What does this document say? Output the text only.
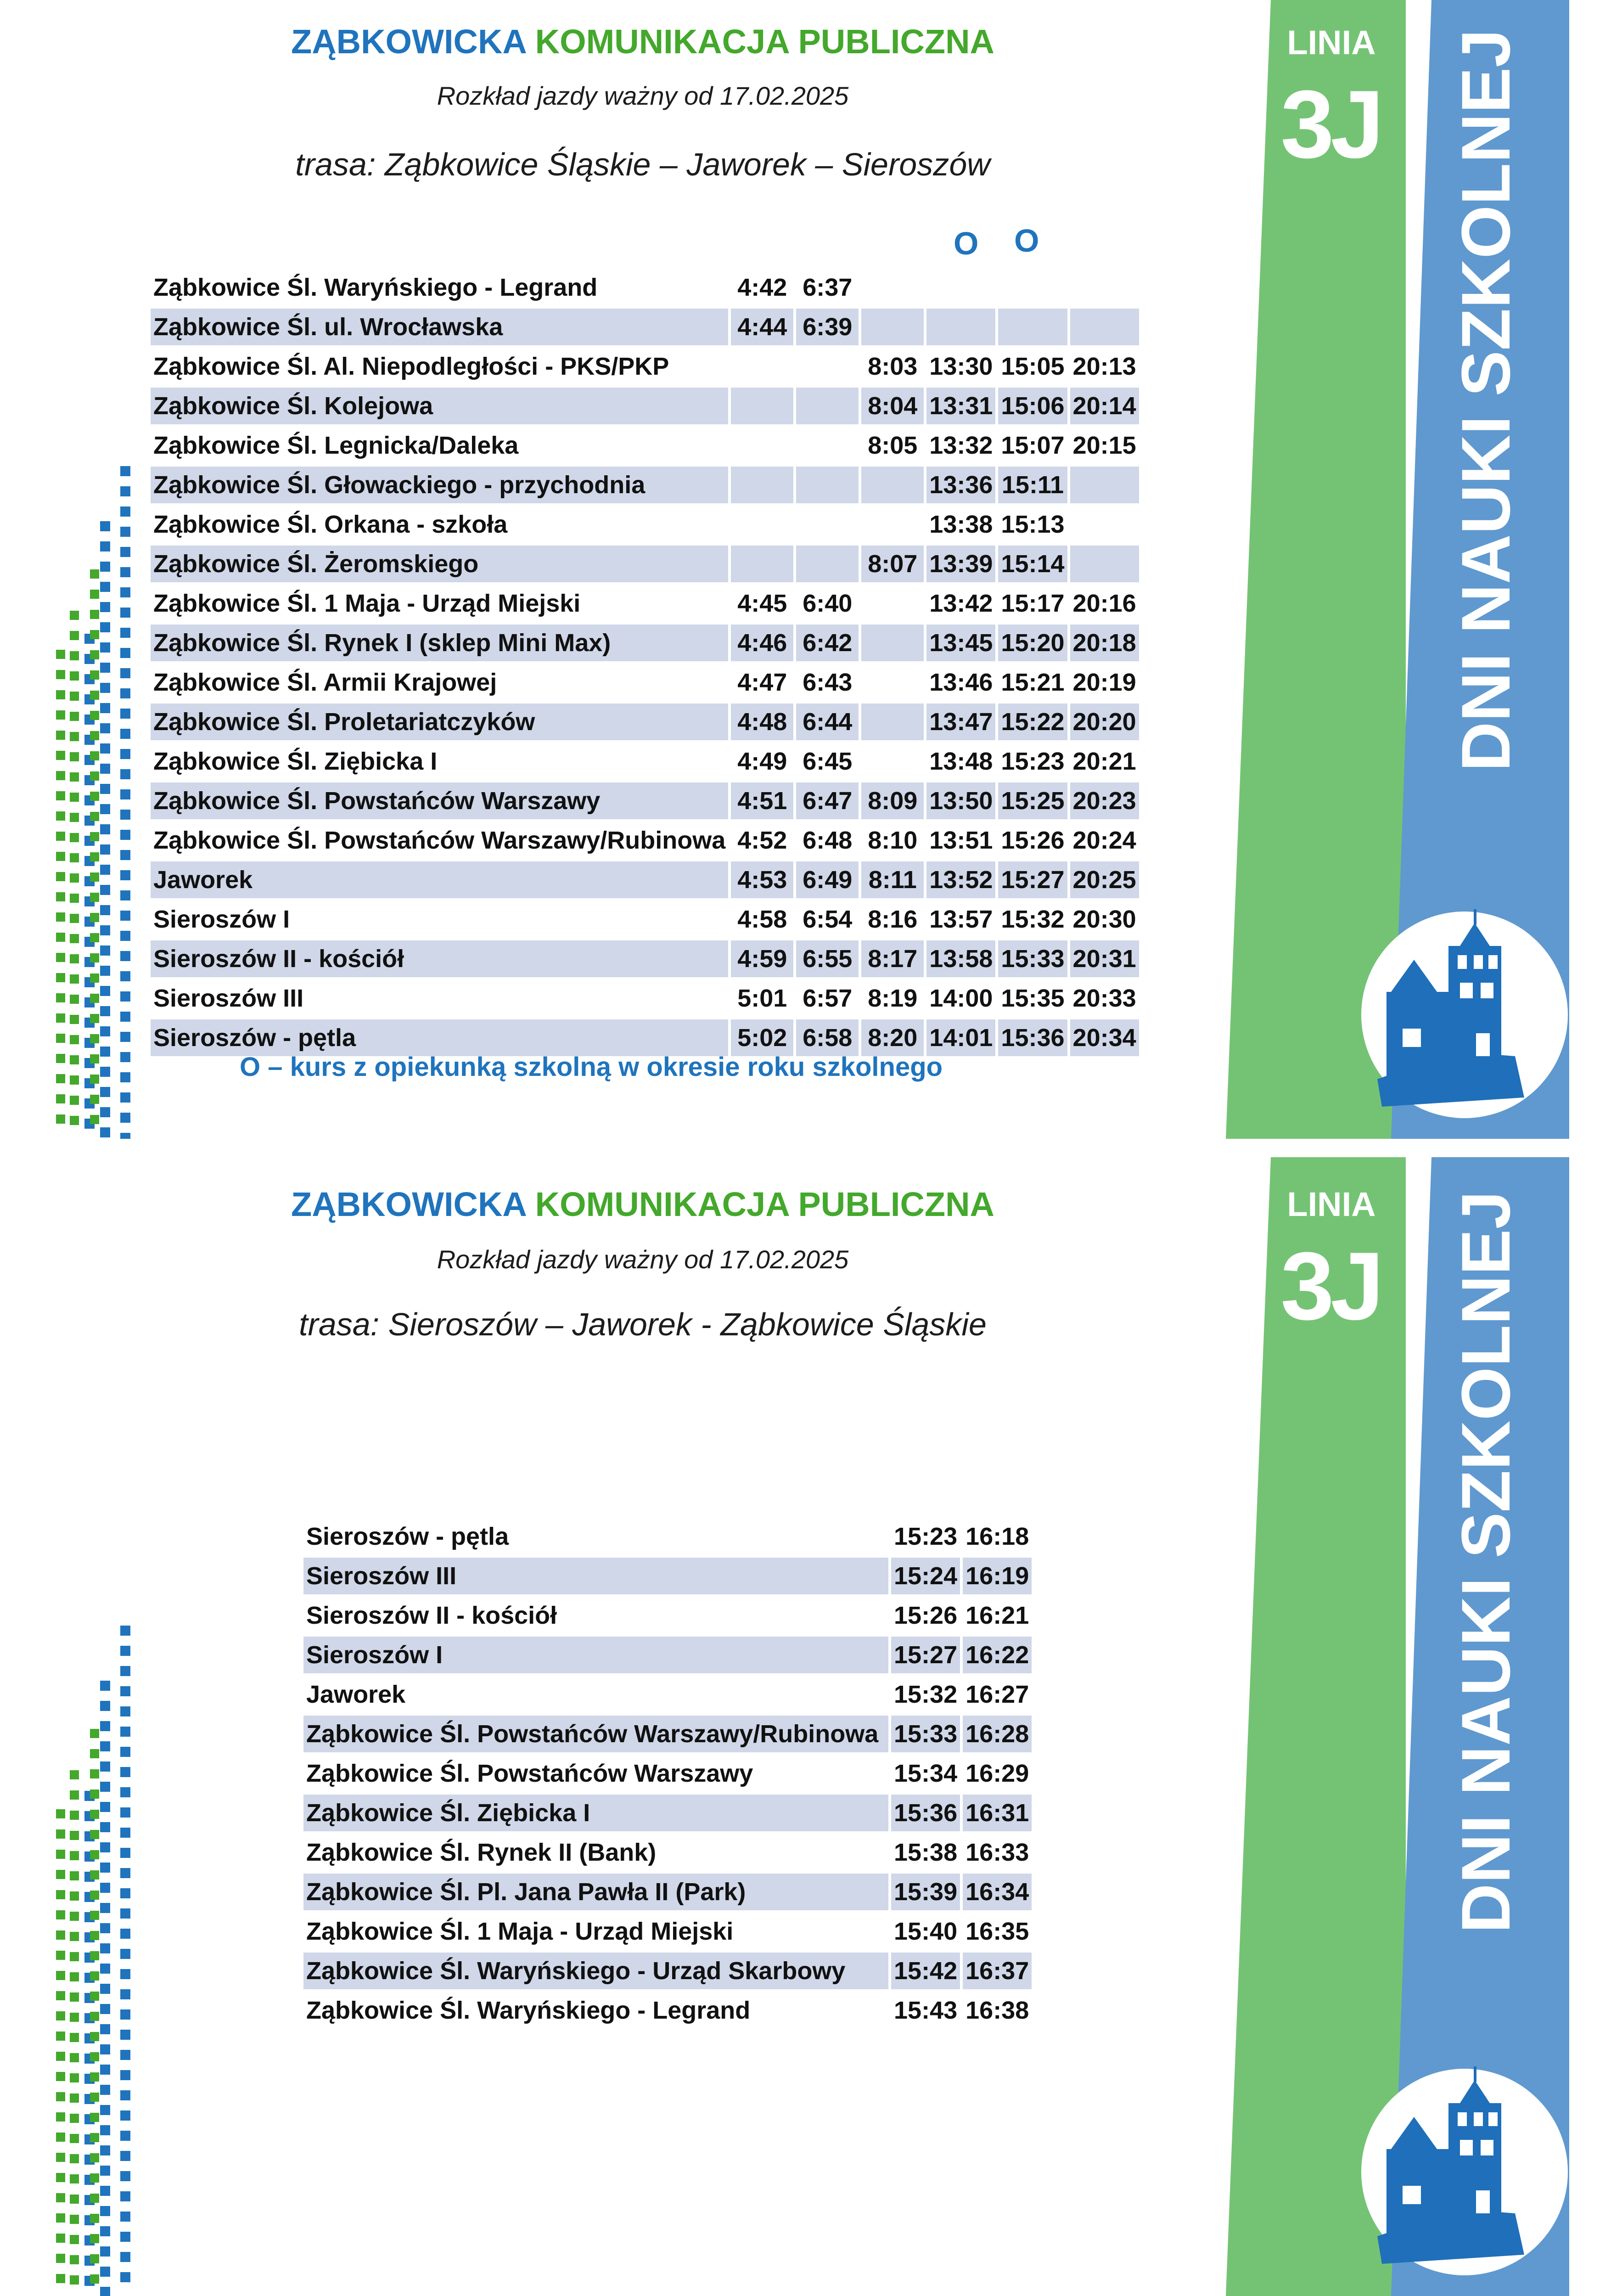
ZĄBKOWICKA KOMUNIKACJA PUBLICZNA
Rozkład jazdy ważny od 17.02.2025
trasa: Ząbkowice Śląskie – Jaworek – Sieroszów
O O
Ząbkowice Śl. Waryńskiego - Legrand	4:42	6:37				
Ząbkowice Śl. ul. Wrocławska	4:44	6:39				
Ząbkowice Śl. Al. Niepodległości - PKS/PKP			8:03	13:30	15:05	20:13
Ząbkowice Śl. Kolejowa			8:04	13:31	15:06	20:14
Ząbkowice Śl. Legnicka/Daleka			8:05	13:32	15:07	20:15
Ząbkowice Śl. Głowackiego - przychodnia				13:36	15:11	
Ząbkowice Śl. Orkana - szkoła				13:38	15:13	
Ząbkowice Śl. Żeromskiego			8:07	13:39	15:14	
Ząbkowice Śl. 1 Maja - Urząd Miejski	4:45	6:40		13:42	15:17	20:16
Ząbkowice Śl. Rynek I (sklep Mini Max)	4:46	6:42		13:45	15:20	20:18
Ząbkowice Śl. Armii Krajowej	4:47	6:43		13:46	15:21	20:19
Ząbkowice Śl. Proletariatczyków	4:48	6:44		13:47	15:22	20:20
Ząbkowice Śl. Ziębicka I	4:49	6:45		13:48	15:23	20:21
Ząbkowice Śl. Powstańców Warszawy	4:51	6:47	8:09	13:50	15:25	20:23
Ząbkowice Śl. Powstańców Warszawy/Rubinowa	4:52	6:48	8:10	13:51	15:26	20:24
Jaworek	4:53	6:49	8:11	13:52	15:27	20:25
Sieroszów I	4:58	6:54	8:16	13:57	15:32	20:30
Sieroszów II - kościół	4:59	6:55	8:17	13:58	15:33	20:31
Sieroszów III	5:01	6:57	8:19	14:00	15:35	20:33
Sieroszów - pętla	5:02	6:58	8:20	14:01	15:36	20:34
O – kurs z opiekunką szkolną w okresie roku szkolnego
LINIA
3J DNI NAUKI SZKOLNEJ
ZĄBKOWICKA KOMUNIKACJA PUBLICZNA
Rozkład jazdy ważny od 17.02.2025
trasa: Sieroszów – Jaworek - Ząbkowice Śląskie
Sieroszów - pętla	15:23	16:18
Sieroszów III	15:24	16:19
Sieroszów II - kościół	15:26	16:21
Sieroszów I	15:27	16:22
Jaworek	15:32	16:27
Ząbkowice Śl. Powstańców Warszawy/Rubinowa	15:33	16:28
Ząbkowice Śl. Powstańców Warszawy	15:34	16:29
Ząbkowice Śl. Ziębicka I	15:36	16:31
Ząbkowice Śl. Rynek II (Bank)	15:38	16:33
Ząbkowice Śl. Pl. Jana Pawła II (Park)	15:39	16:34
Ząbkowice Śl. 1 Maja - Urząd Miejski	15:40	16:35
Ząbkowice Śl. Waryńskiego - Urząd Skarbowy	15:42	16:37
Ząbkowice Śl. Waryńskiego - Legrand	15:43	16:38
LINIA
3J DNI NAUKI SZKOLNEJ
